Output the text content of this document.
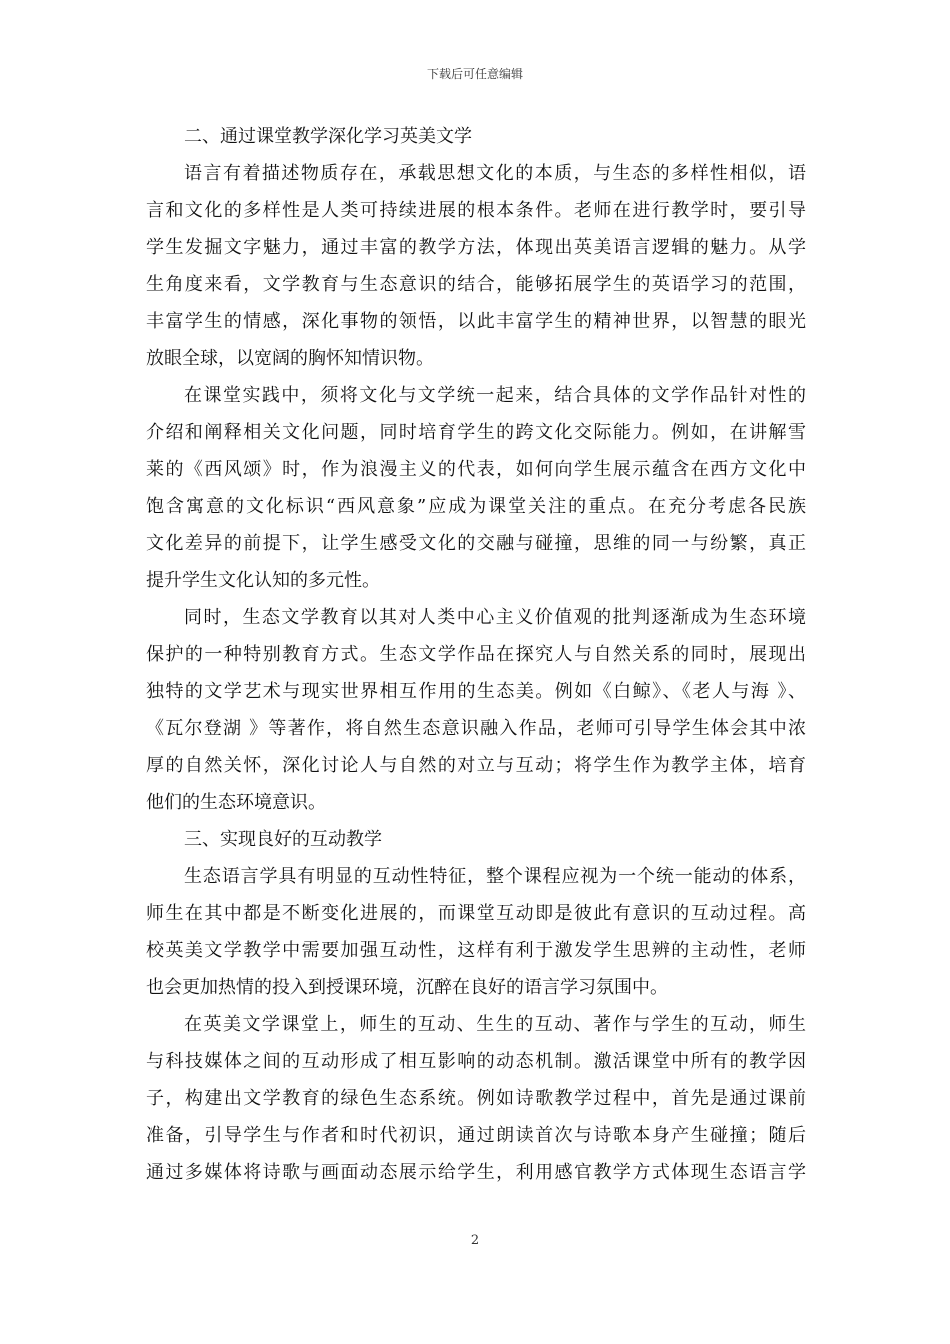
下载后可任意编辑
二、通过课堂教学深化学习英美文学
语言有着描述物质存在，承载思想文化的本质，与生态的多样性相似，语
言和文化的多样性是人类可持续进展的根本条件。老师在进行教学时，要引导
学生发掘文字魅力，通过丰富的教学方法，体现出英美语言逻辑的魅力。从学
生角度来看，文学教育与生态意识的结合，能够拓展学生的英语学习的范围，
丰富学生的情感，深化事物的领悟，以此丰富学生的精神世界，以智慧的眼光
放眼全球，以宽阔的胸怀知情识物。
在课堂实践中，须将文化与文学统一起来，结合具体的文学作品针对性的
介绍和阐释相关文化问题，同时培育学生的跨文化交际能力。例如，在讲解雪
莱的《西风颂》时，作为浪漫主义的代表，如何向学生展示蕴含在西方文化中
饱含寓意的文化标识“西风意象”应成为课堂关注的重点。在充分考虑各民族
文化差异的前提下，让学生感受文化的交融与碰撞，思维的同一与纷繁，真正
提升学生文化认知的多元性。
同时，生态文学教育以其对人类中心主义价值观的批判逐渐成为生态环境
保护的一种特别教育方式。生态文学作品在探究人与自然关系的同时，展现出
独特的文学艺术与现实世界相互作用的生态美。例如《白鲸》、《老人与海 》、
《瓦尔登湖 》等著作，将自然生态意识融入作品，老师可引导学生体会其中浓
厚的自然关怀，深化讨论人与自然的对立与互动；将学生作为教学主体，培育
他们的生态环境意识。
三、实现良好的互动教学
生态语言学具有明显的互动性特征，整个课程应视为一个统一能动的体系，
师生在其中都是不断变化进展的，而课堂互动即是彼此有意识的互动过程。高
校英美文学教学中需要加强互动性，这样有利于激发学生思辨的主动性，老师
也会更加热情的投入到授课环境，沉醉在良好的语言学习氛围中。
在英美文学课堂上，师生的互动、生生的互动、著作与学生的互动，师生
与科技媒体之间的互动形成了相互影响的动态机制。激活课堂中所有的教学因
子，构建出文学教育的绿色生态系统。例如诗歌教学过程中，首先是通过课前
准备，引导学生与作者和时代初识，通过朗读首次与诗歌本身产生碰撞；随后
通过多媒体将诗歌与画面动态展示给学生，利用感官教学方式体现生态语言学
2
